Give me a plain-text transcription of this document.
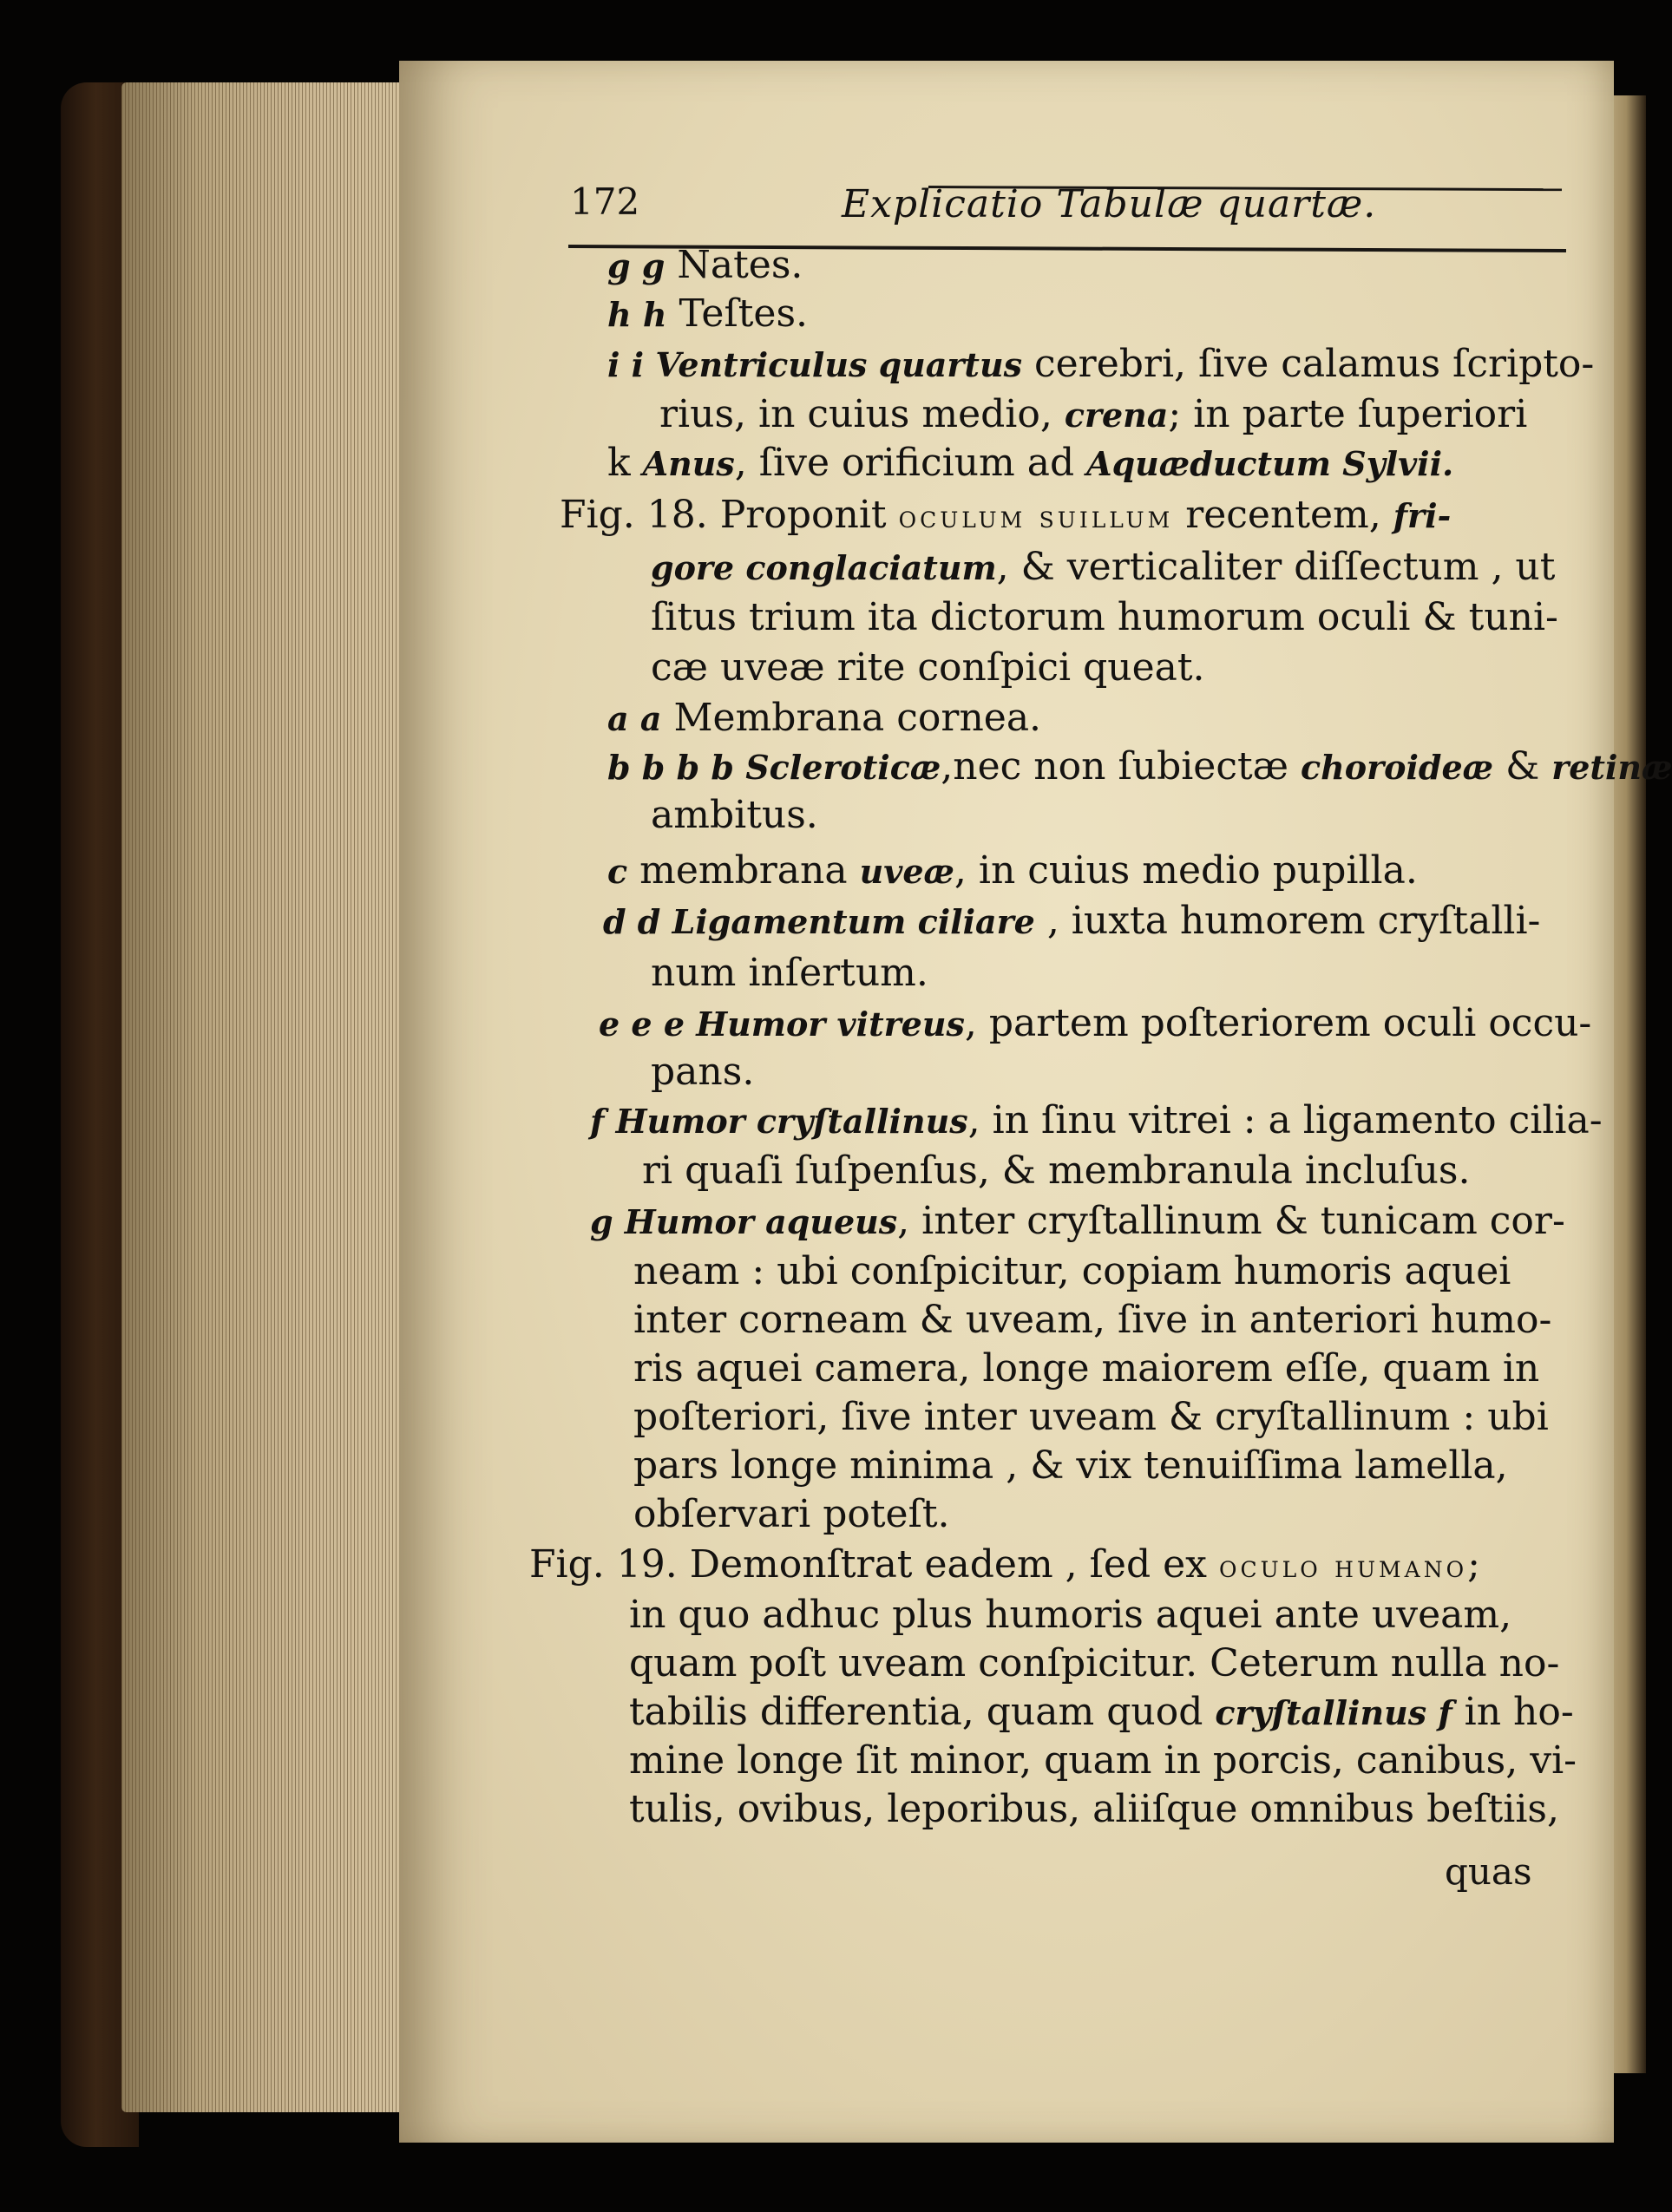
172	Explicatio Tabulæ quartæ.
g g Nates.
h h Teſtes.
i i Ventriculus quartus cerebri, ſive calamus ſcripto-
rius, in cuius medio, crena; in parte ſuperiori
k Anus, ſive orificium ad Aquæductum Sylvii.
Fig. 18. Proponit oculum suillum recentem, fri-
gore conglaciatum, & verticaliter diſſectum , ut
ſitus trium ita dictorum humorum oculi & tuni-
cæ uveæ rite conſpici queat.
a a Membrana cornea.
b b b b Scleroticæ,nec non ſubiectæ choroideæ & retinæ
ambitus.
c membrana uveæ, in cuius medio pupilla.
d d Ligamentum ciliare , iuxta humorem cryſtalli-
num inſertum.
e e e Humor vitreus, partem poſteriorem oculi occu-
pans.
f Humor cryſtallinus, in ſinu vitrei : a ligamento cilia-
ri quaſi ſuſpenſus, & membranula incluſus.
g Humor aqueus, inter cryſtallinum & tunicam cor-
neam : ubi conſpicitur, copiam humoris aquei
inter corneam & uveam, ſive in anteriori humo-
ris aquei camera, longe maiorem eſſe, quam in
poſteriori, ſive inter uveam & cryſtallinum : ubi
pars longe minima , & vix tenuiſſima lamella,
obſervari poteſt.
Fig. 19. Demonſtrat eadem , ſed ex oculo humano;
in quo adhuc plus humoris aquei ante uveam,
quam poſt uveam conſpicitur. Ceterum nulla no-
tabilis differentia, quam quod cryſtallinus f in ho-
mine longe ſit minor, quam in porcis, canibus, vi-
tulis, ovibus, leporibus, aliiſque omnibus beſtiis,
quas
